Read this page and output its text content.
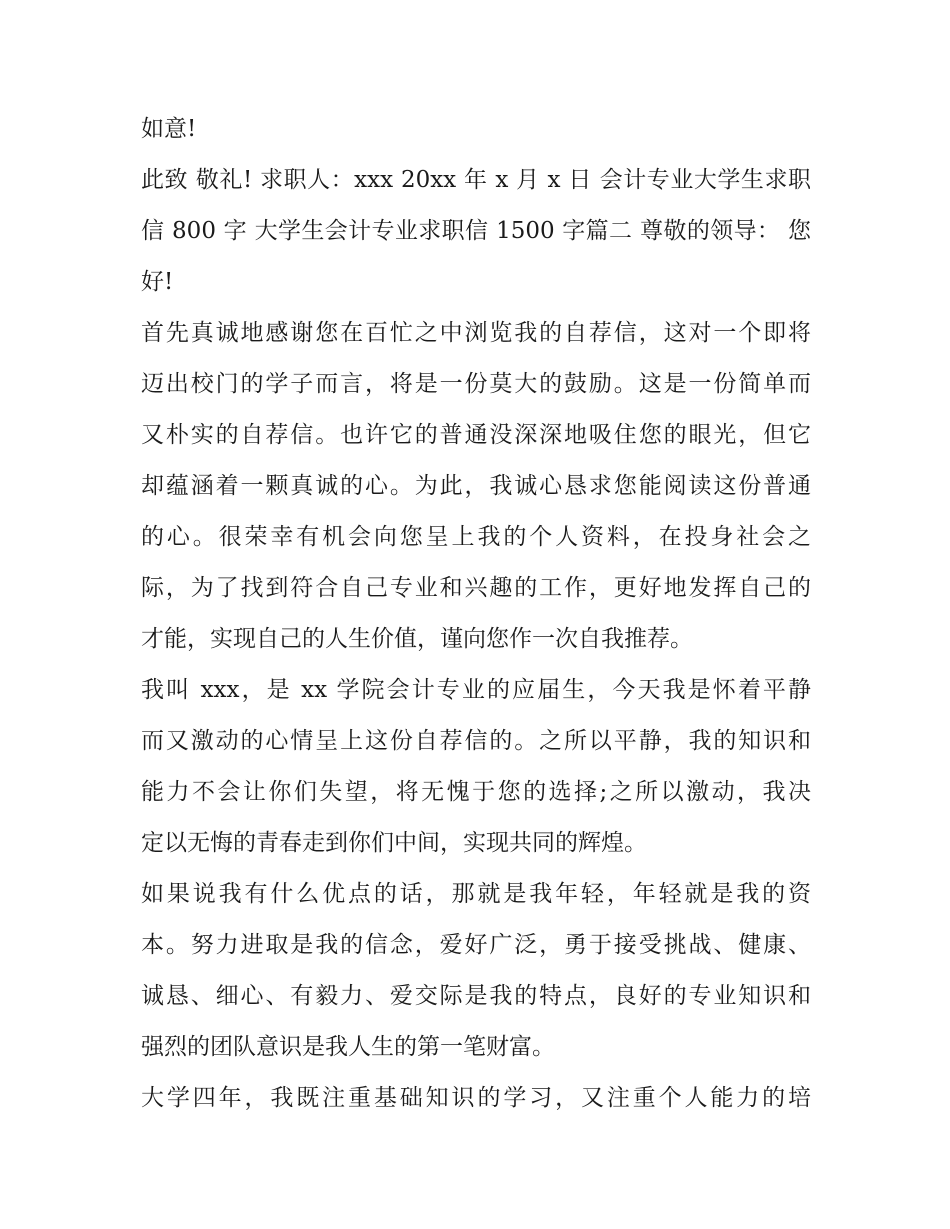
如意!
此致 敬礼! 求职人：xxx 20xx 年 x 月 x 日 会计专业大学生求职
信 800 字 大学生会计专业求职信 1500 字篇二 尊敬的领导： 您
好!
首先真诚地感谢您在百忙之中浏览我的自荐信，这对一个即将
迈出校门的学子而言，将是一份莫大的鼓励。这是一份简单而
又朴实的自荐信。也许它的普通没深深地吸住您的眼光，但它
却蕴涵着一颗真诚的心。为此，我诚心恳求您能阅读这份普通
的心。很荣幸有机会向您呈上我的个人资料，在投身社会之
际，为了找到符合自己专业和兴趣的工作，更好地发挥自己的
才能，实现自己的人生价值，谨向您作一次自我推荐。
我叫 xxx，是 xx 学院会计专业的应届生，今天我是怀着平静
而又激动的心情呈上这份自荐信的。之所以平静，我的知识和
能力不会让你们失望，将无愧于您的选择;之所以激动，我决
定以无悔的青春走到你们中间，实现共同的辉煌。
如果说我有什么优点的话，那就是我年轻，年轻就是我的资
本。努力进取是我的信念，爱好广泛，勇于接受挑战、健康、
诚恳、细心、有毅力、爱交际是我的特点，良好的专业知识和
强烈的团队意识是我人生的第一笔财富。
大学四年，我既注重基础知识的学习，又注重个人能力的培
